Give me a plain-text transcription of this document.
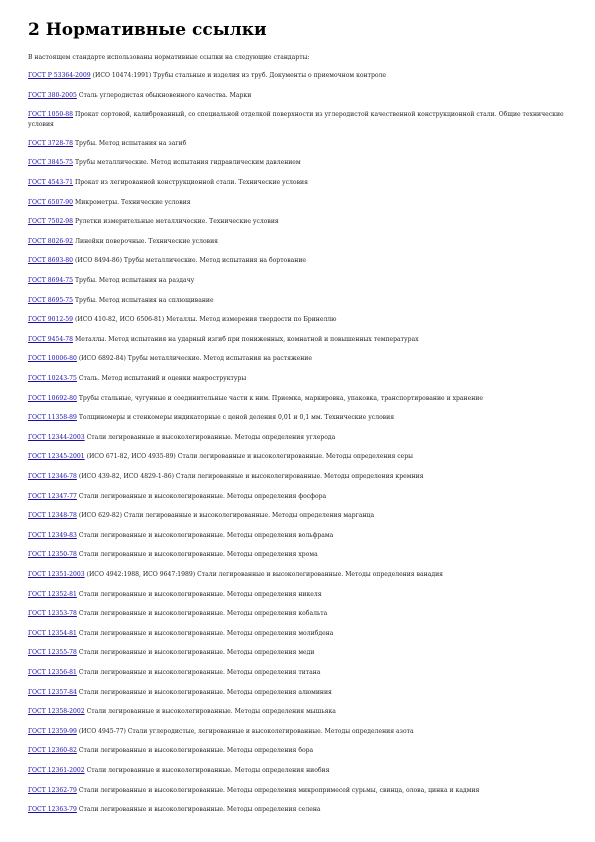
2 Нормативные ссылки

В настоящем стандарте использованы нормативные ссылки на следующие стандарты:

ГОСТ Р 53364-2009 (ИСО 10474:1991) Трубы стальные и изделия из труб. Документы о приемочном контроле

ГОСТ 380-2005 Сталь углеродистая обыкновенного качества. Марки

ГОСТ 1050-88 Прокат сортовой, калиброванный, со специальной отделкой поверхности из углеродистой качественной конструкционной стали. Общие технические условия

ГОСТ 3728-78 Трубы. Метод испытания на загиб

ГОСТ 3845-75 Трубы металлические. Метод испытания гидравлическим давлением

ГОСТ 4543-71 Прокат из легированной конструкционной стали. Технические условия

ГОСТ 6507-90 Микрометры. Технические условия

ГОСТ 7502-98 Рулетки измерительные металлические. Технические условия

ГОСТ 8026-92 Линейки поверочные. Технические условия

ГОСТ 8693-80 (ИСО 8494-86) Трубы металлические. Метод испытания на бортование

ГОСТ 8694-75 Трубы. Метод испытания на раздачу

ГОСТ 8695-75 Трубы. Метод испытания на сплющивание

ГОСТ 9012-59 (ИСО 410-82, ИСО 6506-81) Металлы. Метод измерения твердости по Бринеллю

ГОСТ 9454-78 Металлы. Метод испытания на ударный изгиб при пониженных, комнатной и повышенных температурах

ГОСТ 10006-80 (ИСО 6892-84) Трубы металлические. Метод испытания на растяжение

ГОСТ 10243-75 Сталь. Метод испытаний и оценки макроструктуры

ГОСТ 10692-80 Трубы стальные, чугунные и соединительные части к ним. Приемка, маркировка, упаковка, транспортирование и хранение

ГОСТ 11358-89 Толщиномеры и стенкомеры индикаторные с ценой деления 0,01 и 0,1 мм. Технические условия

ГОСТ 12344-2003 Стали легированные и высоколегированные. Методы определения углерода

ГОСТ 12345-2001 (ИСО 671-82, ИСО 4935-89) Стали легированные и высоколегированные. Методы определения серы

ГОСТ 12346-78 (ИСО 439-82, ИСО 4829-1-86) Стали легированные и высоколегированные. Методы определения кремния

ГОСТ 12347-77 Стали легированные и высоколегированные. Методы определения фосфора

ГОСТ 12348-78 (ИСО 629-82) Стали легированные и высоколегированные. Методы определения марганца

ГОСТ 12349-83 Стали легированные и высоколегированные. Методы определения вольфрама

ГОСТ 12350-78 Стали легированные и высоколегированные. Методы определения хрома

ГОСТ 12351-2003 (ИСО 4942:1988, ИСО 9647:1989) Стали легированные и высоколегированные. Методы определения ванадия

ГОСТ 12352-81 Стали легированные и высоколегированные. Методы определения никеля

ГОСТ 12353-78 Стали легированные и высоколегированные. Методы определения кобальта

ГОСТ 12354-81 Стали легированные и высоколегированные. Методы определения молибдена

ГОСТ 12355-78 Стали легированные и высоколегированные. Методы определения меди

ГОСТ 12356-81 Стали легированные и высоколегированные. Методы определения титана

ГОСТ 12357-84 Стали легированные и высоколегированные. Методы определения алюминия

ГОСТ 12358-2002 Стали легированные и высоколегированные. Методы определения мышьяка

ГОСТ 12359-99 (ИСО 4945-77) Стали углеродистые, легированные и высоколегированные. Методы определения азота

ГОСТ 12360-82 Стали легированные и высоколегированные. Методы определения бора

ГОСТ 12361-2002 Стали легированные и высоколегированные. Методы определения ниобия

ГОСТ 12362-79 Стали легированные и высоколегированные. Методы определения микропримесей сурьмы, свинца, олова, цинка и кадмия

ГОСТ 12363-79 Стали легированные и высоколегированные. Методы определения селена
